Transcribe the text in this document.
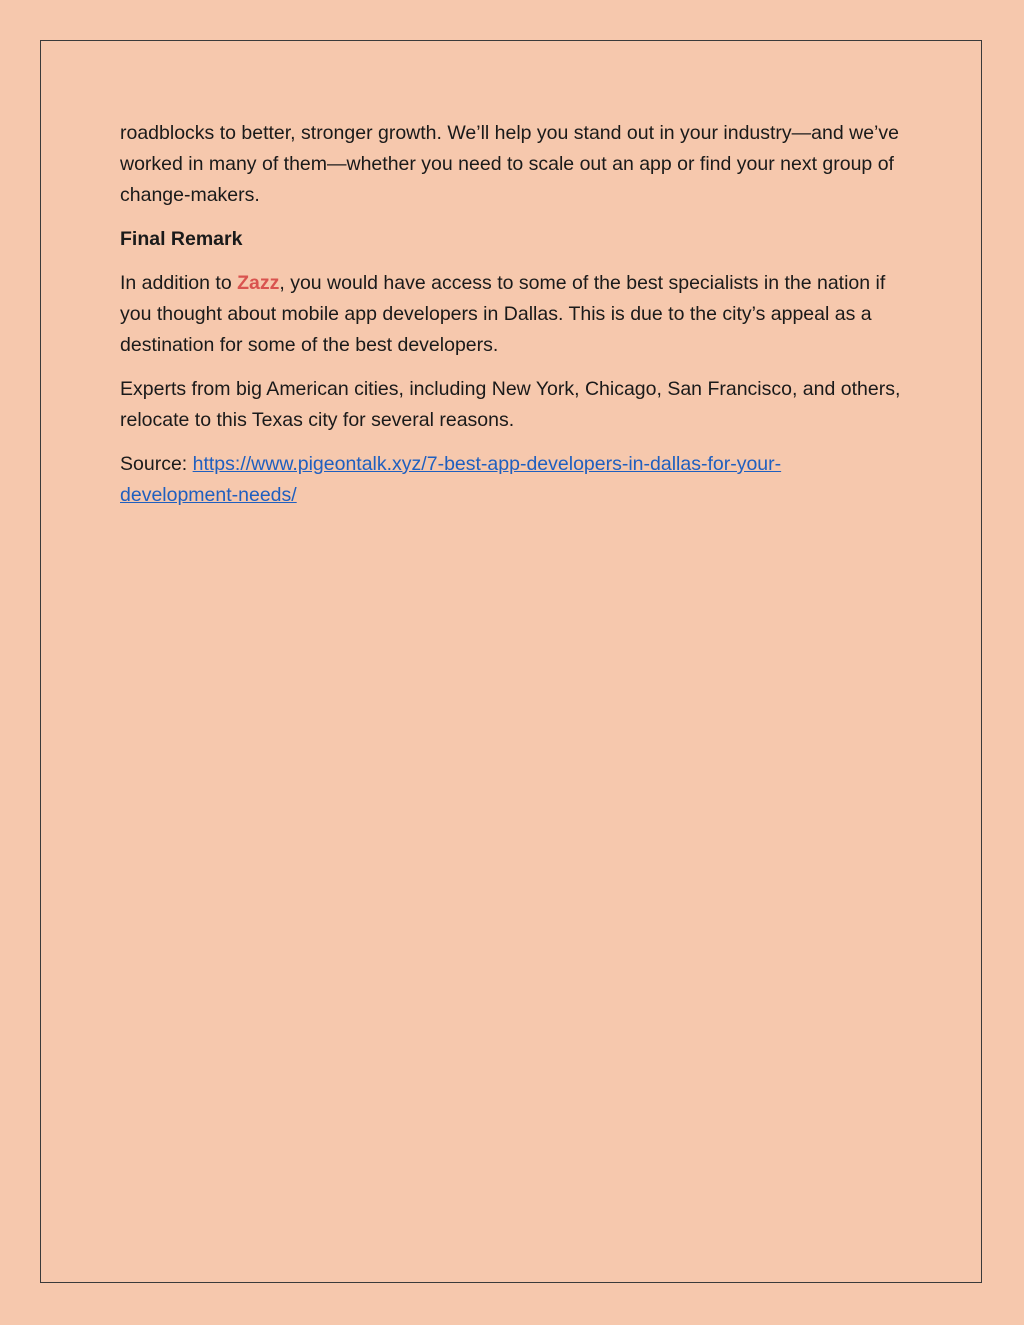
roadblocks to better, stronger growth. We’ll help you stand out in your industry—and we’ve worked in many of them—whether you need to scale out an app or find your next group of change-makers.

Final Remark

In addition to Zazz, you would have access to some of the best specialists in the nation if you thought about mobile app developers in Dallas. This is due to the city’s appeal as a destination for some of the best developers.

Experts from big American cities, including New York, Chicago, San Francisco, and others, relocate to this Texas city for several reasons.

Source: https://www.pigeontalk.xyz/7-best-app-developers-in-dallas-for-your-
development-needs/
